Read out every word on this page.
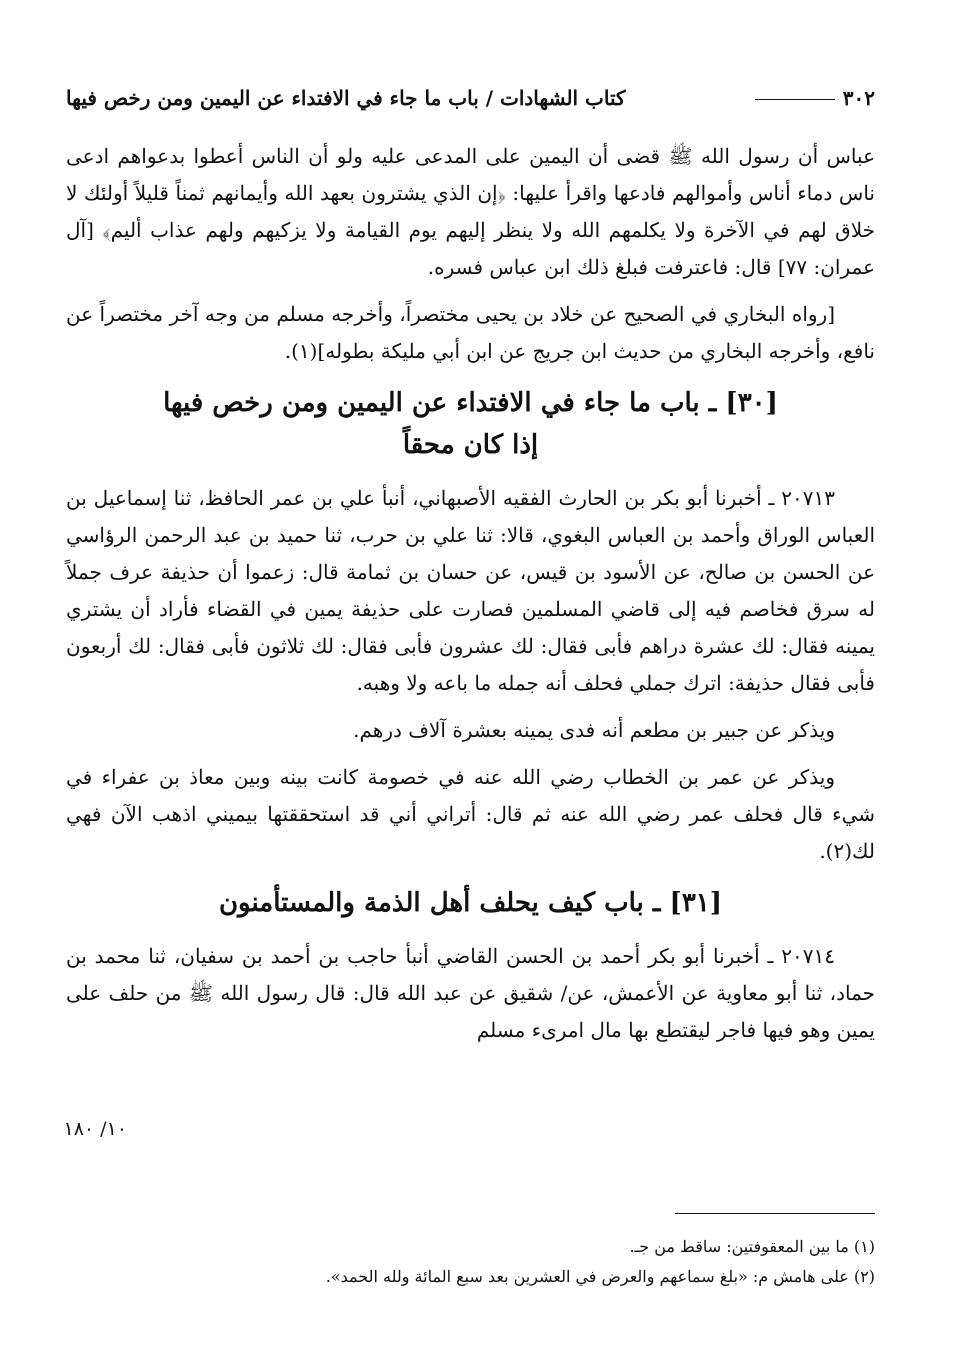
٣٠٢
كتاب الشهادات / باب ما جاء في الافتداء عن اليمين ومن رخص فيها

عباس أن رسول الله ﷺ قضى أن اليمين على المدعى عليه ولو أن الناس أعطوا بدعواهم ادعى ناس دماء أناس وأموالهم فادعها واقرأ عليها: ﴿إن الذي يشترون بعهد الله وأيمانهم ثمناً قليلاً أولئك لا خلاق لهم في الآخرة ولا يكلمهم الله ولا ينظر إليهم يوم القيامة ولا يزكيهم ولهم عذاب أليم﴾ [آل عمران: ٧٧] قال: فاعترفت فبلغ ذلك ابن عباس فسره.

[رواه البخاري في الصحيح عن خلاد بن يحيى مختصراً، وأخرجه مسلم من وجه آخر مختصراً عن نافع، وأخرجه البخاري من حديث ابن جريج عن ابن أبي مليكة بطوله](١).

[٣٠] ـ باب ما جاء في الافتداء عن اليمين ومن رخص فيها
إذا كان محقاً

٢٠٧١٣ ـ أخبرنا أبو بكر بن الحارث الفقيه الأصبهاني، أنبأ علي بن عمر الحافظ، ثنا إسماعيل بن العباس الوراق وأحمد بن العباس البغوي، قالا: ثنا علي بن حرب، ثنا حميد بن عبد الرحمن الرؤاسي عن الحسن بن صالح، عن الأسود بن قيس، عن حسان بن ثمامة قال: زعموا أن حذيفة عرف جملاً له سرق فخاصم فيه إلى قاضي المسلمين فصارت على حذيفة يمين في القضاء فأراد أن يشتري يمينه فقال: لك عشرة دراهم فأبى فقال: لك عشرون فأبى فقال: لك ثلاثون فأبى فقال: لك أربعون فأبى فقال حذيفة: اترك جملي فحلف أنه جمله ما باعه ولا وهبه.

ويذكر عن جبير بن مطعم أنه فدى يمينه بعشرة آلاف درهم.

ويذكر عن عمر بن الخطاب رضي الله عنه في خصومة كانت بينه وبين معاذ بن عفراء في شيء قال فحلف عمر رضي الله عنه ثم قال: أتراني أني قد استحققتها بيميني اذهب الآن فهي لك(٢).

[٣١] ـ باب كيف يحلف أهل الذمة والمستأمنون

٢٠٧١٤ ـ أخبرنا أبو بكر أحمد بن الحسن القاضي أنبأ حاجب بن أحمد بن سفيان، ثنا محمد بن حماد، ثنا أبو معاوية عن الأعمش، عن/ شقيق عن عبد الله قال: قال رسول الله ﷺ من حلف على يمين وهو فيها فاجر ليقتطع بها مال امرىء مسلم

١٠/ ١٨٠
(١) ما بين المعقوفتين: ساقط من جـ.
(٢) على هامش م: «بلغ سماعهم والعرض في العشرين بعد سبع المائة ولله الحمد».
